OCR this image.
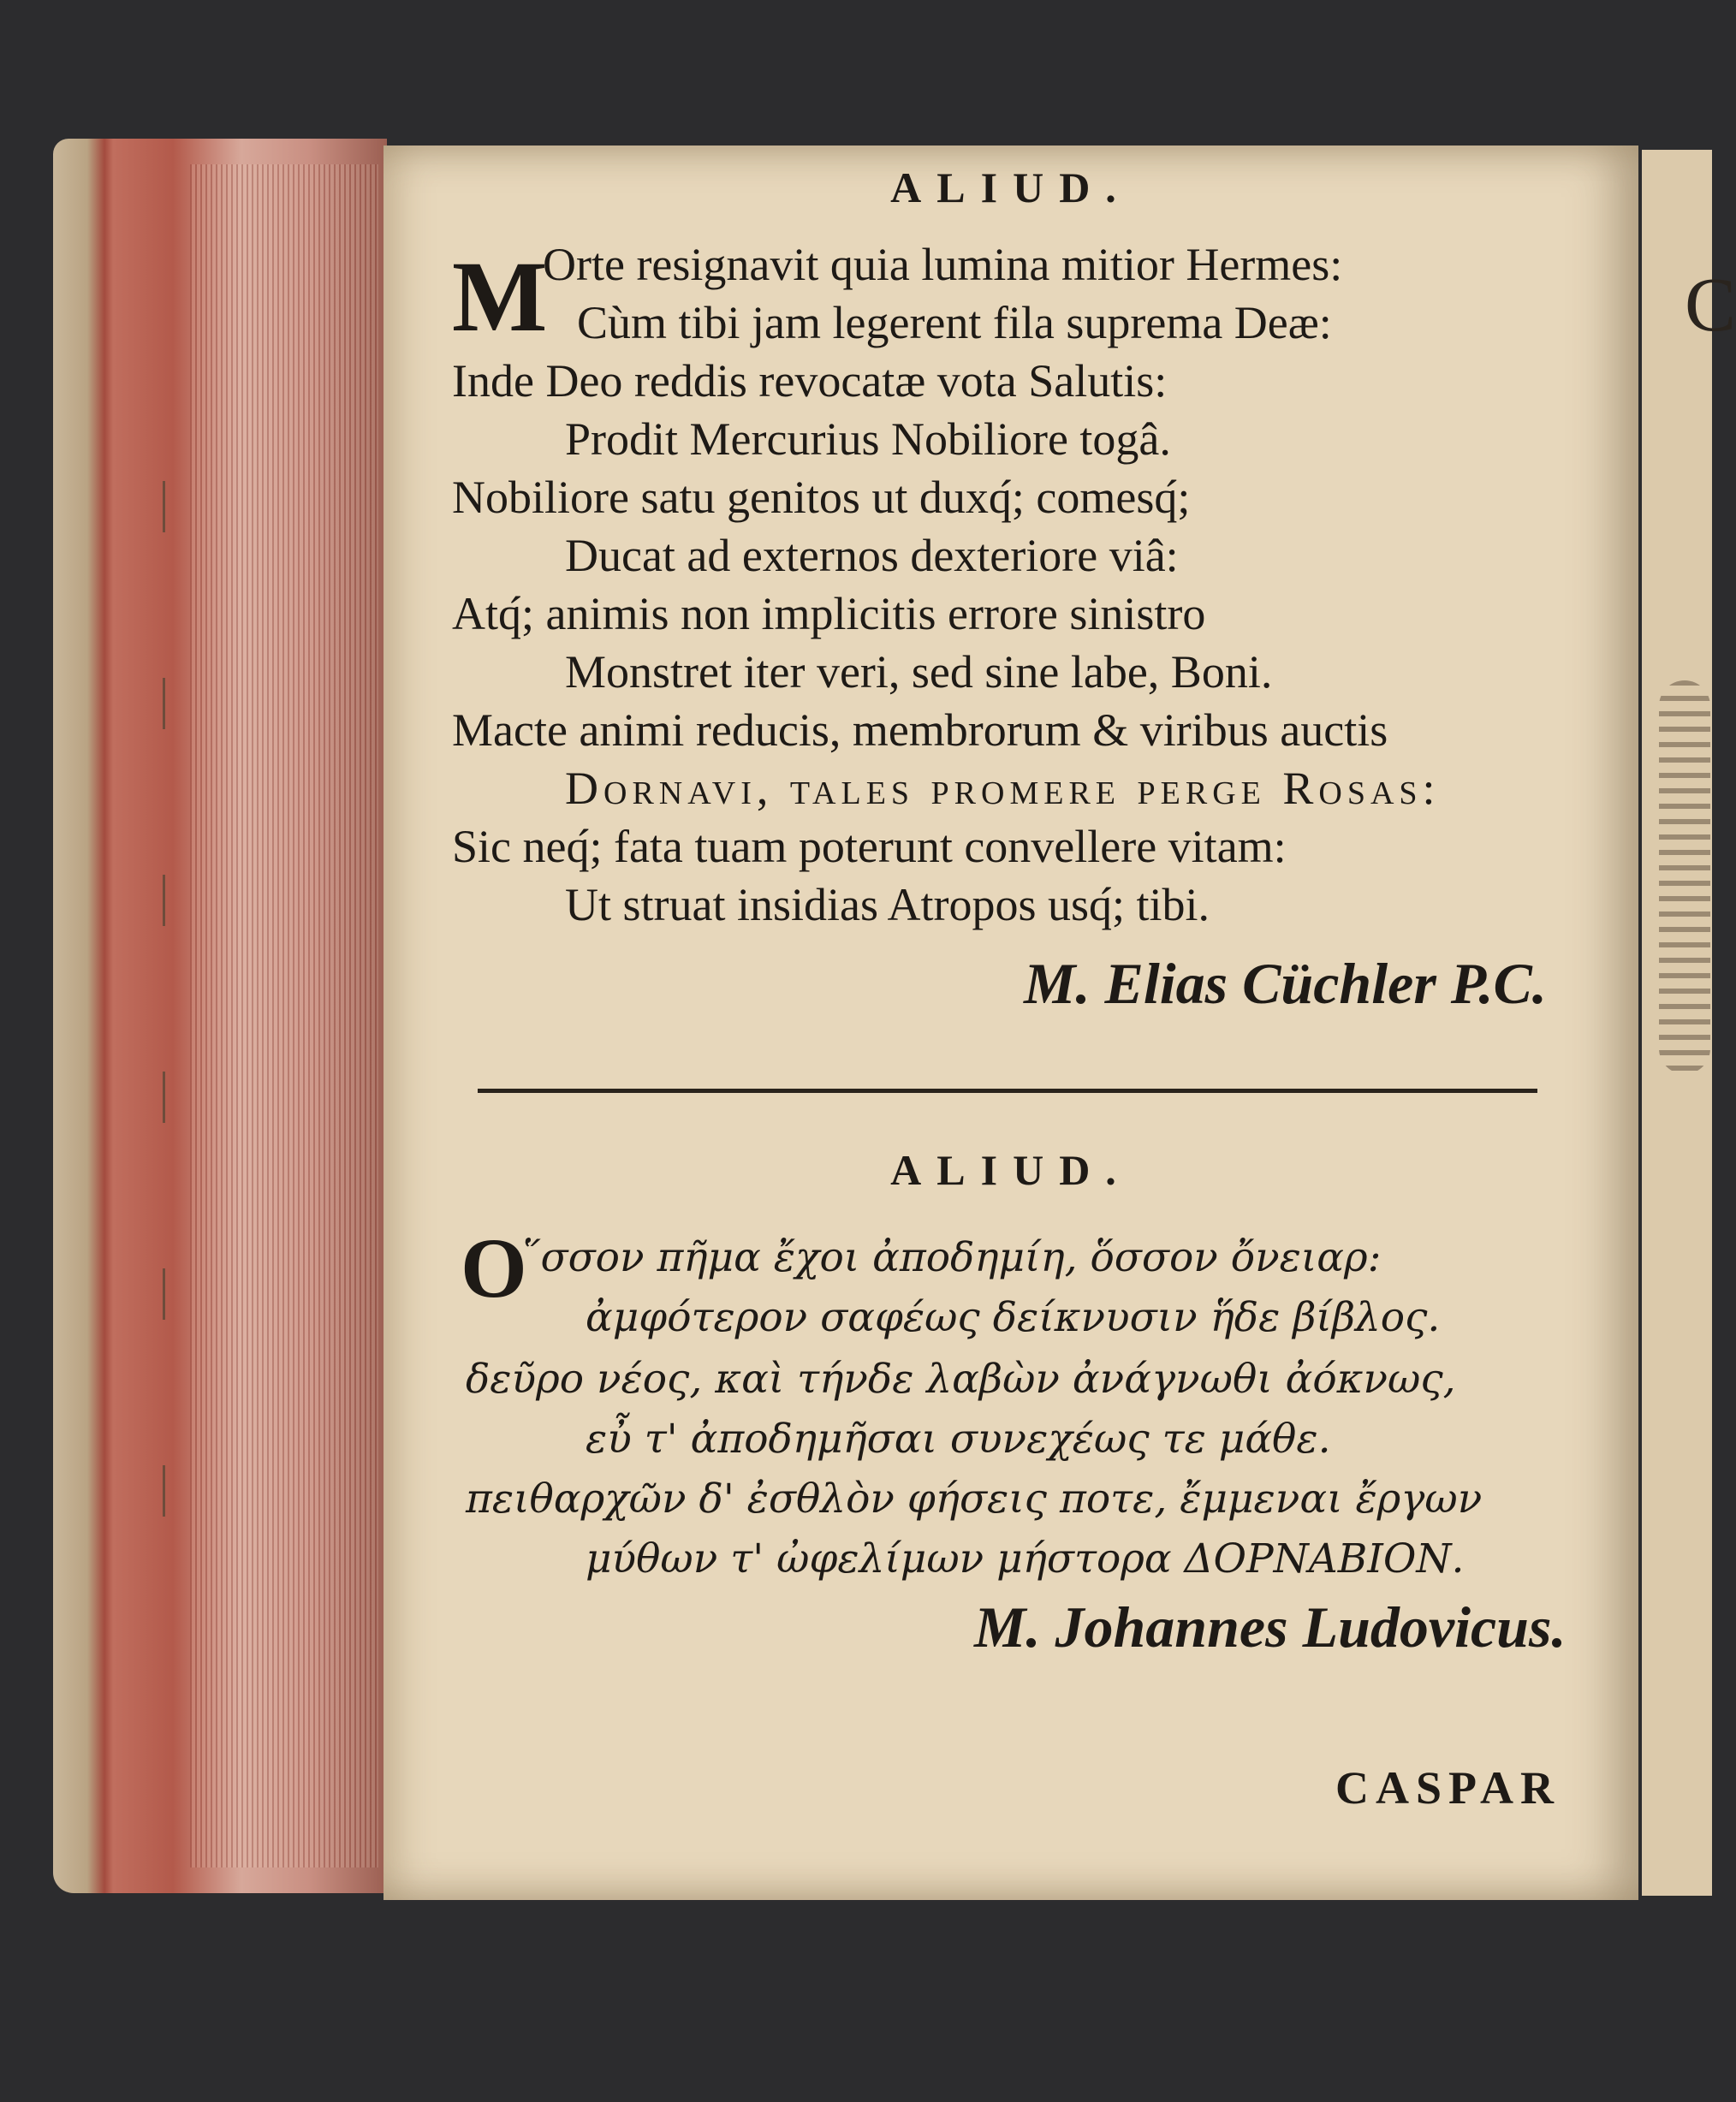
C
ALIUD.
M
Orte resignavit quia lumina mitior Hermes:
Cùm tibi jam legerent fila suprema Deæ:
Inde Deo reddis revocatæ vota Salutis:
Prodit Mercurius Nobiliore togâ.
Nobiliore satu genitos ut duxq́; comesq́;
Ducat ad externos dexteriore viâ:
Atq́; animis non implicitis errore sinistro
Monstret iter veri, sed sine labe, Boni.
Macte animi reducis, membrorum & viribus auctis
Dornavi, tales promere perge Rosas:
Sic neq́; fata tuam poterunt convellere vitam:
Ut struat insidias Atropos usq́; tibi.
M. Elias Cüchler P.C.
ALIUD.
O
῞σσον πῆμα ἔχοι ἀποδημίη, ὅσσον ὄνειαρ:
ἀμφότερον σαφέως δείκνυσιν ἥδε βίβλος.
δεῦρο νέος, καὶ τήνδε λαβὼν ἀνάγνωθι ἀόκνως,
εὖ τ' ἀποδημῆσαι συνεχέως τε μάθε.
πειθαρχῶν δ' ἐσθλὸν φήσεις ποτε, ἔμμεναι ἔργων
μύθων τ' ὠφελίμων μήστορα ΔΟΡΝΑΒΙΟΝ.
M. Johannes Ludovicus.
CASPAR
